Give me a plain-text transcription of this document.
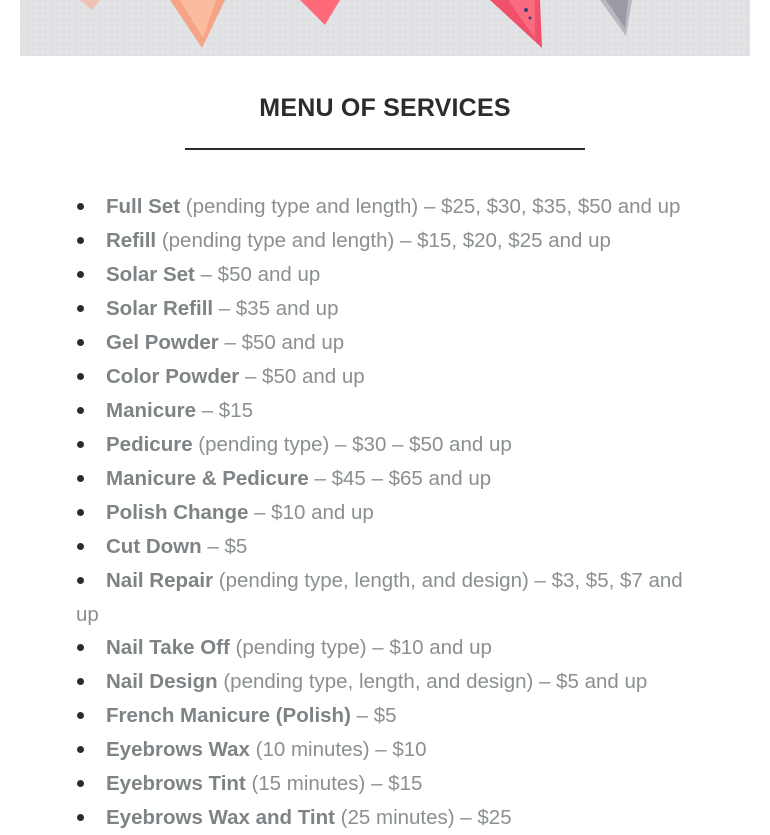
MENU OF SERVICES
Full Set (pending type and length) – $25, $30, $35, $50 and up
Refill (pending type and length) – $15, $20, $25 and up
Solar Set – $50 and up
Solar Refill – $35 and up
Gel Powder – $50 and up
Color Powder – $50 and up
Manicure – $15
Pedicure (pending type) – $30 – $50 and up
Manicure & Pedicure – $45 – $65 and up
Polish Change – $10 and up
Cut Down – $5
Nail Repair (pending type, length, and design) – $3, $5, $7 and up
Nail Take Off (pending type) – $10 and up
Nail Design (pending type, length, and design) – $5 and up
French Manicure (Polish) – $5
Eyebrows Wax (10 minutes) – $10
Eyebrows Tint (15 minutes) – $15
Eyebrows Wax and Tint (25 minutes) – $25
